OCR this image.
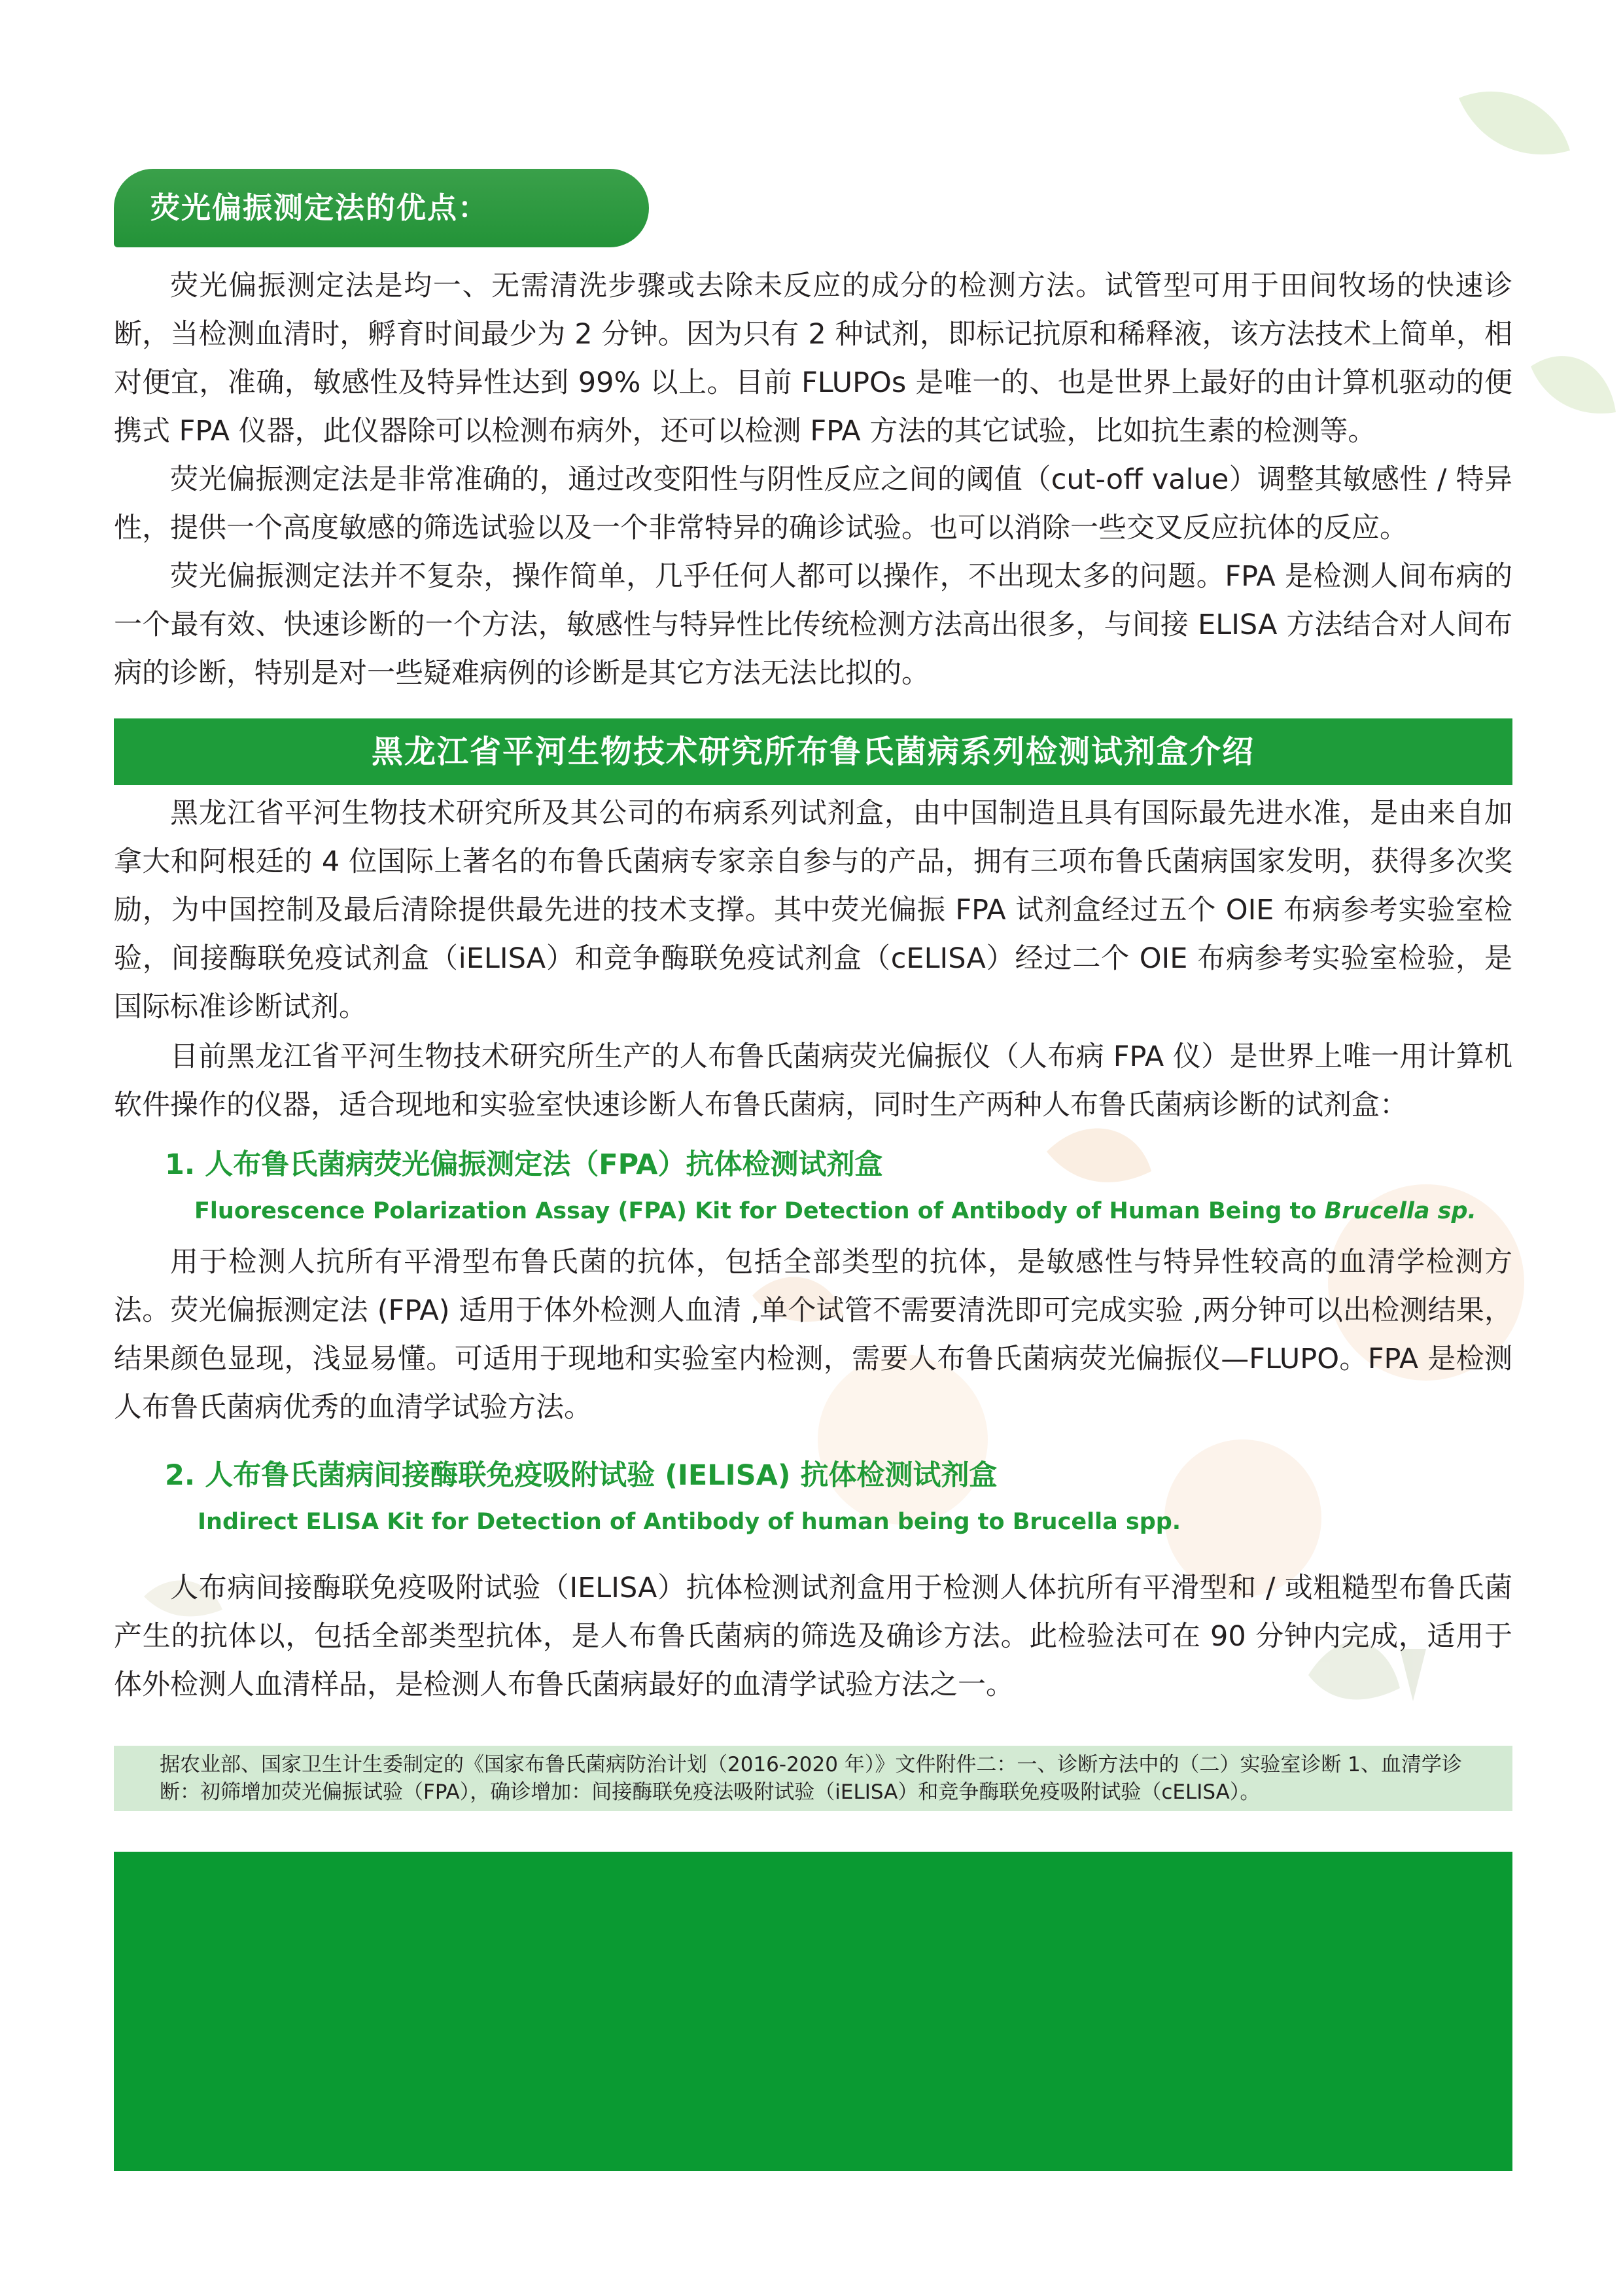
荧光偏振测定法的优点：

荧光偏振测定法是均一、无需清洗步骤或去除未反应的成分的检测方法。试管型可用于田间牧场的快速诊断，当检测血清时，孵育时间最少为 2 分钟。因为只有 2 种试剂，即标记抗原和稀释液，该方法技术上简单，相对便宜，准确，敏感性及特异性达到 99% 以上。目前 FLUPOs 是唯一的、也是世界上最好的由计算机驱动的便携式 FPA 仪器，此仪器除可以检测布病外，还可以检测 FPA 方法的其它试验，比如抗生素的检测等。

荧光偏振测定法是非常准确的，通过改变阳性与阴性反应之间的阈值（cut-off value）调整其敏感性 / 特异性，提供一个高度敏感的筛选试验以及一个非常特异的确诊试验。也可以消除一些交叉反应抗体的反应。

荧光偏振测定法并不复杂，操作简单，几乎任何人都可以操作，不出现太多的问题。FPA 是检测人间布病的一个最有效、快速诊断的一个方法，敏感性与特异性比传统检测方法高出很多，与间接 ELISA 方法结合对人间布病的诊断，特别是对一些疑难病例的诊断是其它方法无法比拟的。

黑龙江省平河生物技术研究所布鲁氏菌病系列检测试剂盒介绍

黑龙江省平河生物技术研究所及其公司的布病系列试剂盒，由中国制造且具有国际最先进水准，是由来自加拿大和阿根廷的 4 位国际上著名的布鲁氏菌病专家亲自参与的产品，拥有三项布鲁氏菌病国家发明，获得多次奖励，为中国控制及最后清除提供最先进的技术支撑。其中荧光偏振 FPA 试剂盒经过五个 OIE 布病参考实验室检验，间接酶联免疫试剂盒（iELISA）和竞争酶联免疫试剂盒（cELISA）经过二个 OIE 布病参考实验室检验，是国际标准诊断试剂。

目前黑龙江省平河生物技术研究所生产的人布鲁氏菌病荧光偏振仪（人布病 FPA 仪）是世界上唯一用计算机软件操作的仪器，适合现地和实验室快速诊断人布鲁氏菌病，同时生产两种人布鲁氏菌病诊断的试剂盒：

1. 人布鲁氏菌病荧光偏振测定法（FPA）抗体检测试剂盒

Fluorescence Polarization Assay (FPA) Kit for Detection of Antibody of Human Being to Brucella sp.

用于检测人抗所有平滑型布鲁氏菌的抗体，包括全部类型的抗体，是敏感性与特异性较高的血清学检测方法。荧光偏振测定法 (FPA) 适用于体外检测人血清 ,单个试管不需要清洗即可完成实验 ,两分钟可以出检测结果，结果颜色显现，浅显易懂。可适用于现地和实验室内检测，需要人布鲁氏菌病荧光偏振仪—FLUPO。FPA 是检测人布鲁氏菌病优秀的血清学试验方法。

2. 人布鲁氏菌病间接酶联免疫吸附试验 (IELISA) 抗体检测试剂盒

Indirect ELISA Kit for Detection of Antibody of human being to Brucella spp.

人布病间接酶联免疫吸附试验（IELISA）抗体检测试剂盒用于检测人体抗所有平滑型和 / 或粗糙型布鲁氏菌产生的抗体以，包括全部类型抗体，是人布鲁氏菌病的筛选及确诊方法。此检验法可在 90 分钟内完成，适用于体外检测人血清样品，是检测人布鲁氏菌病最好的血清学试验方法之一。

据农业部、国家卫生计生委制定的《国家布鲁氏菌病防治计划（2016-2020 年）》文件附件二：一、诊断方法中的（二）实验室诊断 1、血清学诊断：初筛增加荧光偏振试验（FPA），确诊增加：间接酶联免疫法吸附试验（iELISA）和竞争酶联免疫吸附试验（cELISA）。
